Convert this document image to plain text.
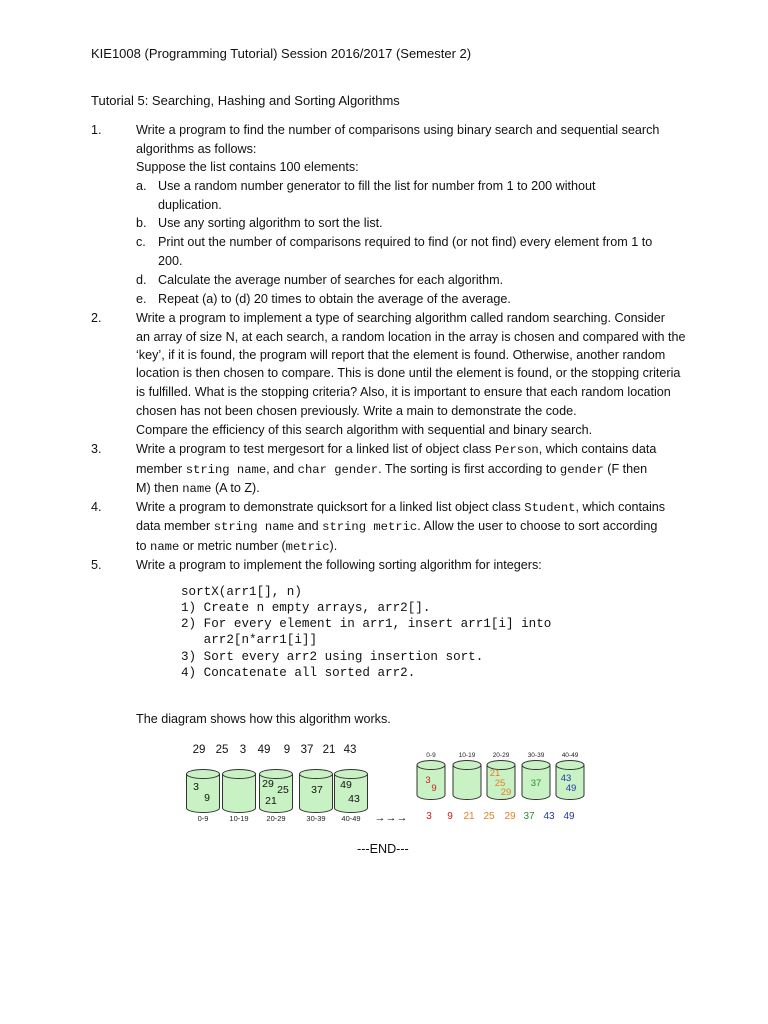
KIE1008 (Programming Tutorial) Session 2016/2017 (Semester 2)
Tutorial 5: Searching, Hashing and Sorting Algorithms
1.	Write a program to find the number of comparisons using binary search and sequential search
algorithms as follows:
Suppose the list contains 100 elements:
a. Use a random number generator to fill the list for number from 1 to 200 without
duplication.
b. Use any sorting algorithm to sort the list.
c. Print out the number of comparisons required to find (or not find) every element from 1 to
200.
d. Calculate the average number of searches for each algorithm.
e. Repeat (a) to (d) 20 times to obtain the average of the average.
2.	Write a program to implement a type of searching algorithm called random searching. Consider
an array of size N, at each search, a random location in the array is chosen and compared with the
‘key’, if it is found, the program will report that the element is found. Otherwise, another random
location is then chosen to compare. This is done until the element is found, or the stopping criteria
is fulfilled. What is the stopping criteria? Also, it is important to ensure that each random location
chosen has not been chosen previously. Write a main to demonstrate the code.
Compare the efficiency of this search algorithm with sequential and binary search.
3.	Write a program to test mergesort for a linked list of object class Person, which contains data
member string name, and char gender. The sorting is first according to gender (F then
M) then name (A to Z).
4.	Write a program to demonstrate quicksort for a linked list object class Student, which contains
data member string name and string metric. Allow the user to choose to sort according
to name or metric number (metric).
5.	Write a program to implement the following sorting algorithm for integers:
sortX(arr1[], n)
1) Create n empty arrays, arr2[].
2) For every element in arr1, insert arr1[i] into
arr2[n*arr1[i]]
3) Sort every arr2 using insertion sort.
4) Concatenate all sorted arr2.
The diagram shows how this algorithm works.
29 25 3 49 9 37 21 43
0-9	10-19 20-29	30-39 40-49
3
9
29 25
21
37 49
43
→→→
0-9	10-19	20-29	30-39	40-49
3
9
21
25
29
37 43
49
3 9 21 25 29 37 43 49
---END---
